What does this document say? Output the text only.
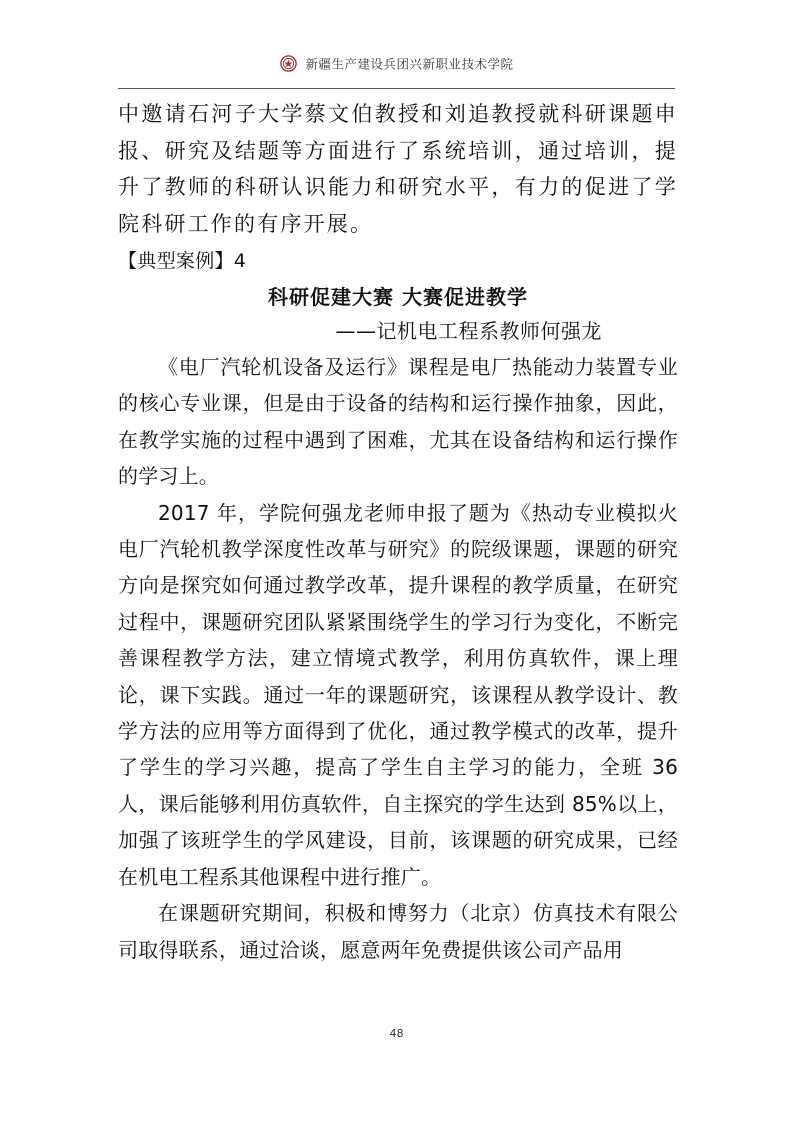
新疆生产建设兵团兴新职业技术学院

中邀请石河子大学蔡文伯教授和刘追教授就科研课题申报、研究及结题等方面进行了系统培训，通过培训，提升了教师的科研认识能力和研究水平，有力的促进了学院科研工作的有序开展。

【典型案例】4

科研促建大赛 大赛促进教学

——记机电工程系教师何强龙

《电厂汽轮机设备及运行》课程是电厂热能动力装置专业的核心专业课，但是由于设备的结构和运行操作抽象，因此，在教学实施的过程中遇到了困难，尤其在设备结构和运行操作的学习上。

2017 年，学院何强龙老师申报了题为《热动专业模拟火电厂汽轮机教学深度性改革与研究》的院级课题，课题的研究方向是探究如何通过教学改革，提升课程的教学质量，在研究过程中，课题研究团队紧紧围绕学生的学习行为变化，不断完善课程教学方法，建立情境式教学，利用仿真软件，课上理论，课下实践。通过一年的课题研究，该课程从教学设计、教学方法的应用等方面得到了优化，通过教学模式的改革，提升了学生的学习兴趣，提高了学生自主学习的能力，全班 36 人，课后能够利用仿真软件，自主探究的学生达到 85%以上，加强了该班学生的学风建设，目前，该课题的研究成果，已经在机电工程系其他课程中进行推广。

在课题研究期间，积极和博努力（北京）仿真技术有限公司取得联系，通过洽谈，愿意两年免费提供该公司产品用

48
